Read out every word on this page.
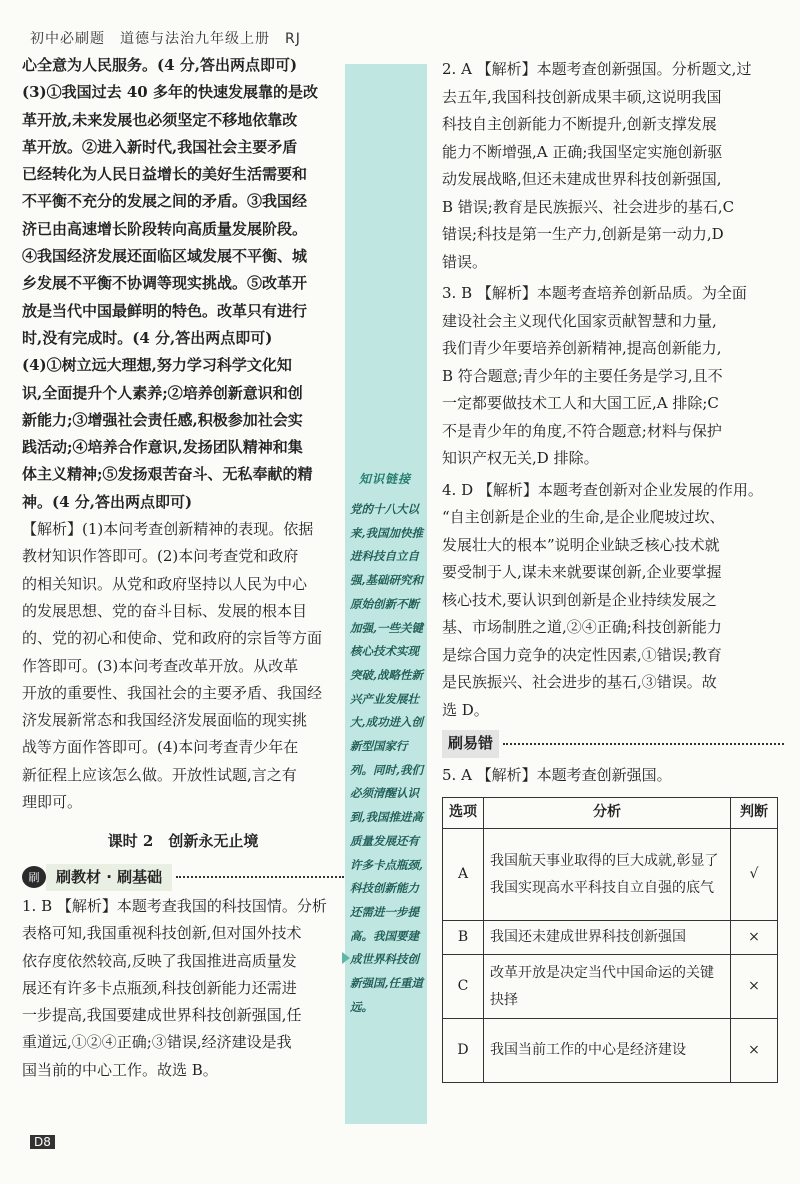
初中必刷题　道德与法治九年级上册　RJ
心全意为人民服务。(4 分,答出两点即可)
(3)①我国过去 40 多年的快速发展靠的是改
革开放,未来发展也必须坚定不移地依靠改
革开放。②进入新时代,我国社会主要矛盾
已经转化为人民日益增长的美好生活需要和
不平衡不充分的发展之间的矛盾。③我国经
济已由高速增长阶段转向高质量发展阶段。
④我国经济发展还面临区域发展不平衡、城
乡发展不平衡不协调等现实挑战。⑤改革开
放是当代中国最鲜明的特色。改革只有进行
时,没有完成时。(4 分,答出两点即可)
(4)①树立远大理想,努力学习科学文化知
识,全面提升个人素养;②培养创新意识和创
新能力;③增强社会责任感,积极参加社会实
践活动;④培养合作意识,发扬团队精神和集
体主义精神;⑤发扬艰苦奋斗、无私奉献的精
神。(4 分,答出两点即可)
【解析】(1)本问考查创新精神的表现。依据
教材知识作答即可。(2)本问考查党和政府
的相关知识。从党和政府坚持以人民为中心
的发展思想、党的奋斗目标、发展的根本目
的、党的初心和使命、党和政府的宗旨等方面
作答即可。(3)本问考查改革开放。从改革
开放的重要性、我国社会的主要矛盾、我国经
济发展新常态和我国经济发展面临的现实挑
战等方面作答即可。(4)本问考查青少年在
新征程上应该怎么做。开放性试题,言之有
理即可。
课时 2　创新永无止境
刷	刷教材 · 刷基础
1. B 【解析】本题考查我国的科技国情。分析
表格可知,我国重视科技创新,但对国外技术
依存度依然较高,反映了我国推进高质量发
展还有许多卡点瓶颈,科技创新能力还需进
一步提高,我国要建成世界科技创新强国,任
重道远,①②④正确;③错误,经济建设是我
国当前的中心工作。故选 B。
知识链接
党的十八大以来,我国加快推进科技自立自强,基础研究和原始创新不断加强,一些关键核心技术实现突破,战略性新兴产业发展壮大,成功进入创新型国家行列。同时,我们必须清醒认识到,我国推进高质量发展还有许多卡点瓶颈,科技创新能力还需进一步提高。我国要建成世界科技创新强国,任重道远。
2. A 【解析】本题考查创新强国。分析题文,过
去五年,我国科技创新成果丰硕,这说明我国
科技自主创新能力不断提升,创新支撑发展
能力不断增强,A 正确;我国坚定实施创新驱
动发展战略,但还未建成世界科技创新强国,
B 错误;教育是民族振兴、社会进步的基石,C
错误;科技是第一生产力,创新是第一动力,D
错误。
3. B 【解析】本题考查培养创新品质。为全面
建设社会主义现代化国家贡献智慧和力量,
我们青少年要培养创新精神,提高创新能力,
B 符合题意;青少年的主要任务是学习,且不
一定都要做技术工人和大国工匠,A 排除;C
不是青少年的角度,不符合题意;材料与保护
知识产权无关,D 排除。
4. D 【解析】本题考查创新对企业发展的作用。
“自主创新是企业的生命,是企业爬坡过坎、
发展壮大的根本”说明企业缺乏核心技术就
要受制于人,谋未来就要谋创新,企业要掌握
核心技术,要认识到创新是企业持续发展之
基、市场制胜之道,②④正确;科技创新能力
是综合国力竞争的决定性因素,①错误;教育
是民族振兴、社会进步的基石,③错误。故
选 D。
刷易错
5. A 【解析】本题考查创新强国。
选项	分析	判断
A	我国航天事业取得的巨大成就,彰显了我国实现高水平科技自立自强的底气	√
B	我国还未建成世界科技创新强国	×
C	改革开放是决定当代中国命运的关键抉择	×
D	我国当前工作的中心是经济建设	×
D8
